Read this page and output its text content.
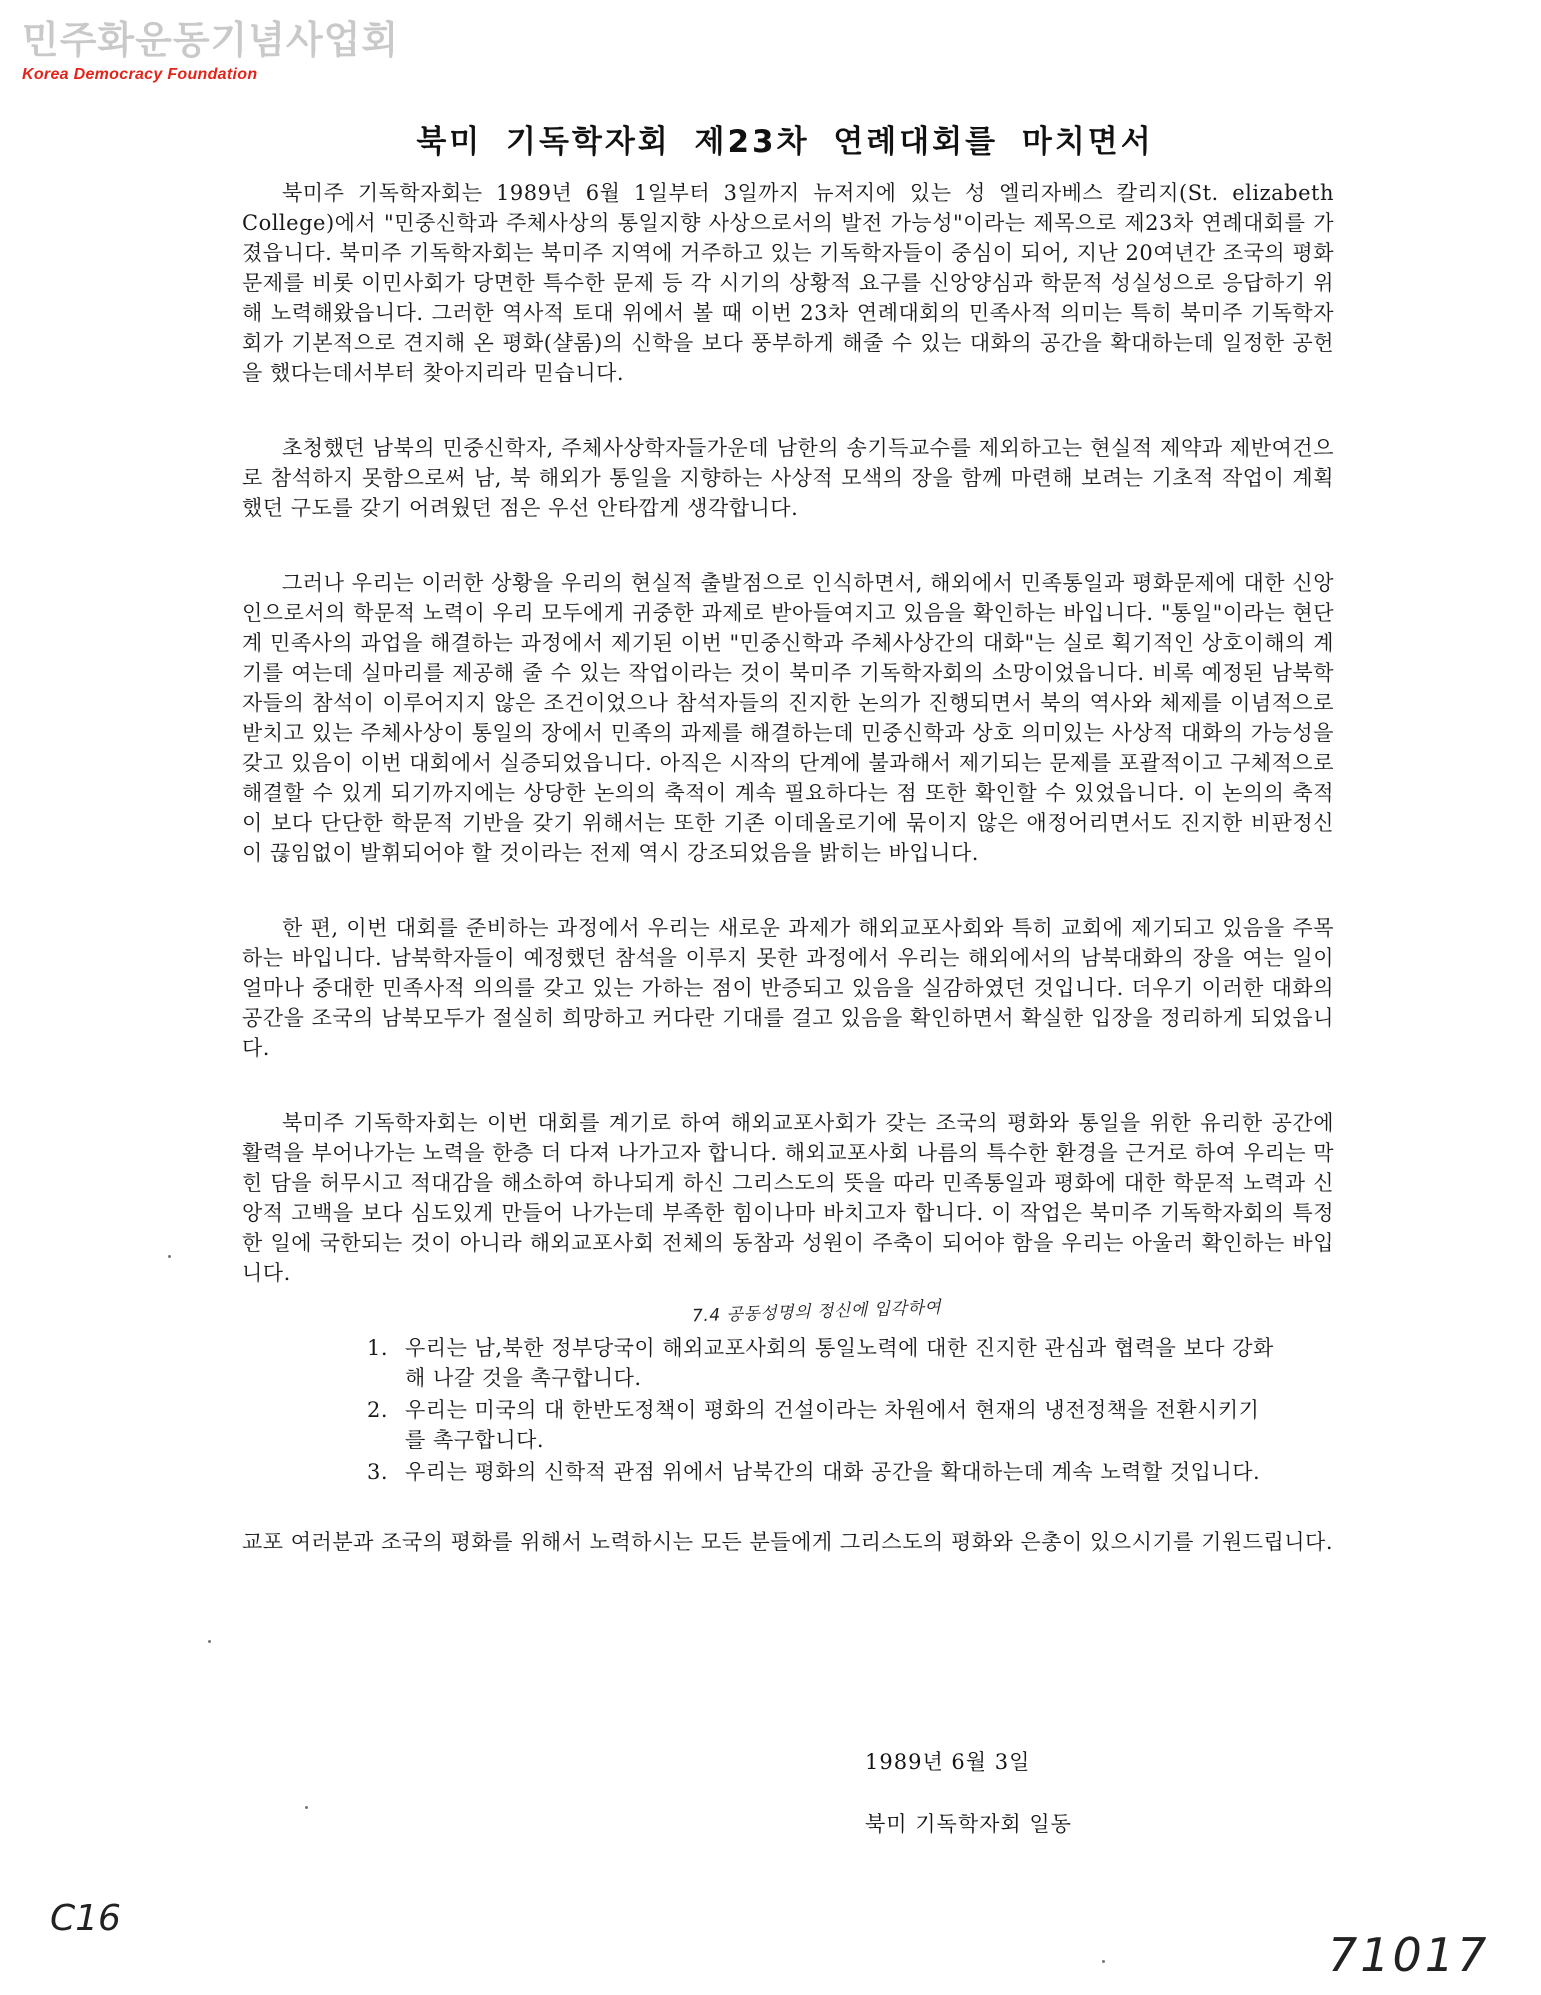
민주화운동기념사업회
Korea Democracy Foundation
북미 기독학자회 제23차 연례대회를 마치면서

북미주 기독학자회는 1989년 6월 1일부터 3일까지 뉴저지에 있는 성 엘리자베스 칼리지(St. elizabeth College)에서 "민중신학과 주체사상의 통일지향 사상으로서의 발전 가능성"이라는 제목으로 제23차 연례대회를 가졌읍니다. 북미주 기독학자회는 북미주 지역에 거주하고 있는 기독학자들이 중심이 되어, 지난 20여년간 조국의 평화문제를 비롯 이민사회가 당면한 특수한 문제 등 각 시기의 상황적 요구를 신앙양심과 학문적 성실성으로 응답하기 위해 노력해왔읍니다. 그러한 역사적 토대 위에서 볼 때 이번 23차 연례대회의 민족사적 의미는 특히 북미주 기독학자회가 기본적으로 견지해 온 평화(샬롬)의 신학을 보다 풍부하게 해줄 수 있는 대화의 공간을 확대하는데 일정한 공헌을 했다는데서부터 찾아지리라 믿습니다.

초청했던 남북의 민중신학자, 주체사상학자들가운데 남한의 송기득교수를 제외하고는 현실적 제약과 제반여건으로 참석하지 못함으로써 남, 북 해외가 통일을 지향하는 사상적 모색의 장을 함께 마련해 보려는 기초적 작업이 계획했던 구도를 갖기 어려웠던 점은 우선 안타깝게 생각합니다.

그러나 우리는 이러한 상황을 우리의 현실적 출발점으로 인식하면서, 해외에서 민족통일과 평화문제에 대한 신앙인으로서의 학문적 노력이 우리 모두에게 귀중한 과제로 받아들여지고 있음을 확인하는 바입니다. "통일"이라는 현단계 민족사의 과업을 해결하는 과정에서 제기된 이번 "민중신학과 주체사상간의 대화"는 실로 획기적인 상호이해의 계기를 여는데 실마리를 제공해 줄 수 있는 작업이라는 것이 북미주 기독학자회의 소망이었읍니다. 비록 예정된 남북학자들의 참석이 이루어지지 않은 조건이었으나 참석자들의 진지한 논의가 진행되면서 북의 역사와 체제를 이념적으로 받치고 있는 주체사상이 통일의 장에서 민족의 과제를 해결하는데 민중신학과 상호 의미있는 사상적 대화의 가능성을 갖고 있음이 이번 대회에서 실증되었읍니다. 아직은 시작의 단계에 불과해서 제기되는 문제를 포괄적이고 구체적으로 해결할 수 있게 되기까지에는 상당한 논의의 축적이 계속 필요하다는 점 또한 확인할 수 있었읍니다. 이 논의의 축적이 보다 단단한 학문적 기반을 갖기 위해서는 또한 기존 이데올로기에 묶이지 않은 애정어리면서도 진지한 비판정신이 끊임없이 발휘되어야 할 것이라는 전제 역시 강조되었음을 밝히는 바입니다.

한 편, 이번 대회를 준비하는 과정에서 우리는 새로운 과제가 해외교포사회와 특히 교회에 제기되고 있음을 주목하는 바입니다. 남북학자들이 예정했던 참석을 이루지 못한 과정에서 우리는 해외에서의 남북대화의 장을 여는 일이 얼마나 중대한 민족사적 의의를 갖고 있는 가하는 점이 반증되고 있음을 실감하였던 것입니다. 더우기 이러한 대화의 공간을 조국의 남북모두가 절실히 희망하고 커다란 기대를 걸고 있음을 확인하면서 확실한 입장을 정리하게 되었읍니다.

북미주 기독학자회는 이번 대회를 계기로 하여 해외교포사회가 갖는 조국의 평화와 통일을 위한 유리한 공간에 활력을 부어나가는 노력을 한층 더 다져 나가고자 합니다. 해외교포사회 나름의 특수한 환경을 근거로 하여 우리는 막힌 담을 허무시고 적대감을 해소하여 하나되게 하신 그리스도의 뜻을 따라 민족통일과 평화에 대한 학문적 노력과 신앙적 고백을 보다 심도있게 만들어 나가는데 부족한 힘이나마 바치고자 합니다. 이 작업은 북미주 기독학자회의 특정한 일에 국한되는 것이 아니라 해외교포사회 전체의 동참과 성원이 주축이 되어야 함을 우리는 아울러 확인하는 바입니다.

7.4 공동성명의 정신에 입각하여
1. 우리는 남,북한 정부당국이 해외교포사회의 통일노력에 대한 진지한 관심과 협력을 보다 강화해 나갈 것을 촉구합니다.
2. 우리는 미국의 대 한반도정책이 평화의 건설이라는 차원에서 현재의 냉전정책을 전환시키기를 촉구합니다.
3. 우리는 평화의 신학적 관점 위에서 남북간의 대화 공간을 확대하는데 계속 노력할 것입니다.

교포 여러분과 조국의 평화를 위해서 노력하시는 모든 분들에게 그리스도의 평화와 은총이 있으시기를 기원드립니다.

1989년 6월 3일
북미 기독학자회 일동
C16
71017
